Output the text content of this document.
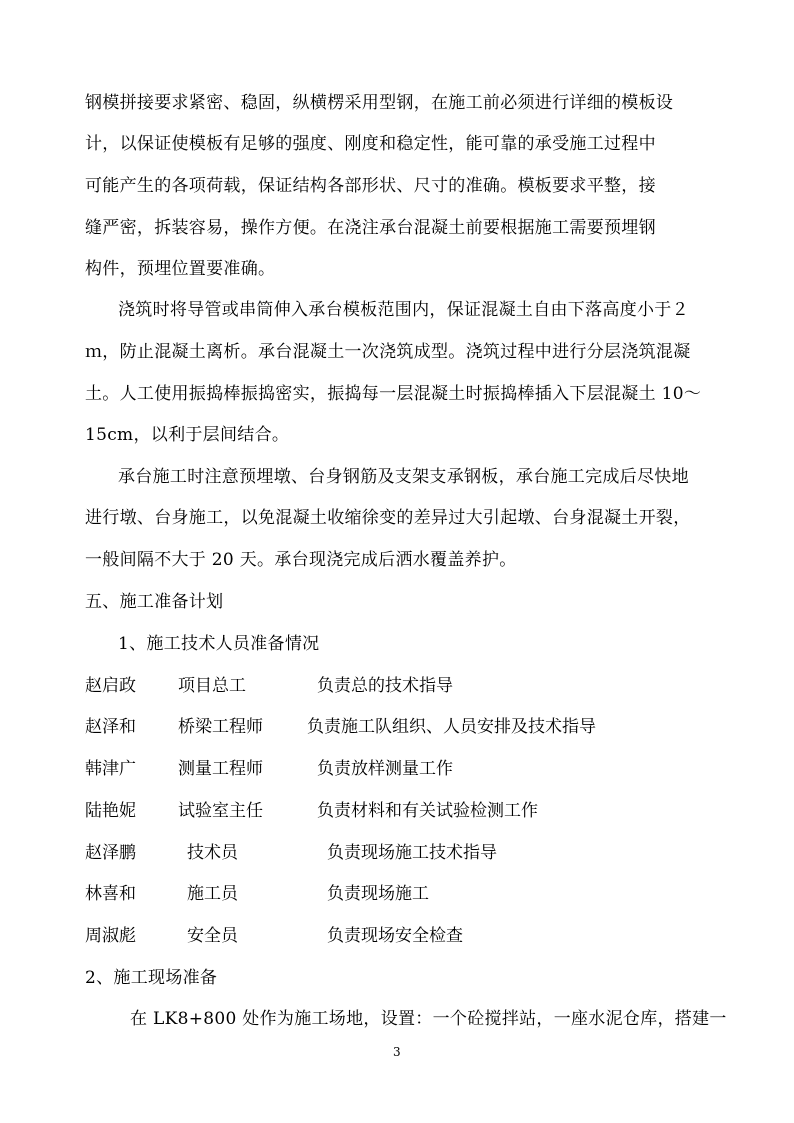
钢模拼接要求紧密、稳固，纵横楞采用型钢，在施工前必须进行详细的模板设
计，以保证使模板有足够的强度、刚度和稳定性，能可靠的承受施工过程中
可能产生的各项荷载，保证结构各部形状、尺寸的准确。模板要求平整，接
缝严密，拆装容易，操作方便。在浇注承台混凝土前要根据施工需要预埋钢
构件，预埋位置要准确。
浇筑时将导管或串筒伸入承台模板范围内，保证混凝土自由下落高度小于２
ｍ，防止混凝土离析。承台混凝土一次浇筑成型。浇筑过程中进行分层浇筑混凝
土。人工使用振捣棒振捣密实，振捣每一层混凝土时振捣棒插入下层混凝土 10～
15cm，以利于层间结合。
承台施工时注意预埋墩、台身钢筋及支架支承钢板，承台施工完成后尽快地
进行墩、台身施工，以免混凝土收缩徐变的差异过大引起墩、台身混凝土开裂，
一般间隔不大于 20 天。承台现浇完成后洒水覆盖养护。
五、施工准备计划
1、施工技术人员准备情况
赵启政 项目总工	负责总的技术指导
赵泽和 桥梁工程师	负责施工队组织、人员安排及技术指导
韩津广 测量工程师	负责放样测量工作
陆艳妮 试验室主任	负责材料和有关试验检测工作
赵泽鹏	技术员	负责现场施工技术指导
林喜和	施工员	负责现场施工
周淑彪	安全员	负责现场安全检查
2、施工现场准备
在 LK8+800 处作为施工场地，设置：一个砼搅拌站，一座水泥仓库，搭建一
3
